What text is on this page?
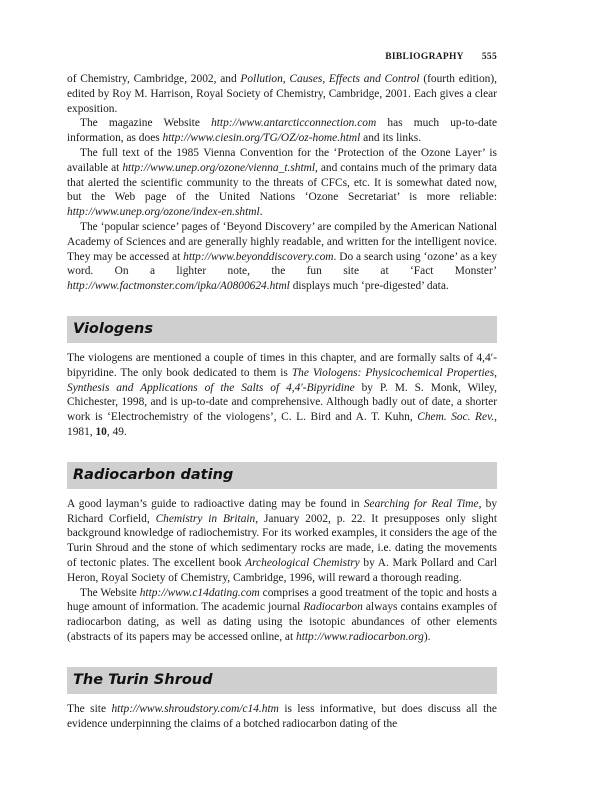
BIBLIOGRAPHY 555

of Chemistry, Cambridge, 2002, and Pollution, Causes, Effects and Control (fourth edition), edited by Roy M. Harrison, Royal Society of Chemistry, Cambridge, 2001. Each gives a clear exposition.

The magazine Website http://www.antarcticconnection.com has much up-to-date information, as does http://www.ciesin.org/TG/OZ/oz-home.html and its links.

The full text of the 1985 Vienna Convention for the ‘Protection of the Ozone Layer’ is available at http://www.unep.org/ozone/vienna_t.shtml, and contains much of the primary data that alerted the scientific community to the threats of CFCs, etc. It is somewhat dated now, but the Web page of the United Nations ‘Ozone Secretariat’ is more reliable: http://www.unep.org/ozone/index-en.shtml.

The ‘popular science’ pages of ‘Beyond Discovery’ are compiled by the American National Academy of Sciences and are generally highly readable, and written for the intelligent novice. They may be accessed at http://www.beyonddiscovery.com. Do a search using ‘ozone’ as a key word. On a lighter note, the fun site at ‘Fact Monster’ http://www.factmonster.com/ipka/A0800624.html displays much ‘pre-digested’ data.

Viologens

The viologens are mentioned a couple of times in this chapter, and are formally salts of 4,4′-bipyridine. The only book dedicated to them is The Viologens: Physicochemical Properties, Synthesis and Applications of the Salts of 4,4′-Bipyridine by P. M. S. Monk, Wiley, Chichester, 1998, and is up-to-date and comprehensive. Although badly out of date, a shorter work is ‘Electrochemistry of the viologens’, C. L. Bird and A. T. Kuhn, Chem. Soc. Rev., 1981, 10, 49.

Radiocarbon dating

A good layman’s guide to radioactive dating may be found in Searching for Real Time, by Richard Corfield, Chemistry in Britain, January 2002, p. 22. It presupposes only slight background knowledge of radiochemistry. For its worked examples, it considers the age of the Turin Shroud and the stone of which sedimentary rocks are made, i.e. dating the movements of tectonic plates. The excellent book Archeological Chemistry by A. Mark Pollard and Carl Heron, Royal Society of Chemistry, Cambridge, 1996, will reward a thorough reading.

The Website http://www.c14dating.com comprises a good treatment of the topic and hosts a huge amount of information. The academic journal Radiocarbon always contains examples of radiocarbon dating, as well as dating using the isotopic abundances of other elements (abstracts of its papers may be accessed online, at http://www.radiocarbon.org).

The Turin Shroud

The site http://www.shroudstory.com/c14.htm is less informative, but does discuss all the evidence underpinning the claims of a botched radiocarbon dating of the
